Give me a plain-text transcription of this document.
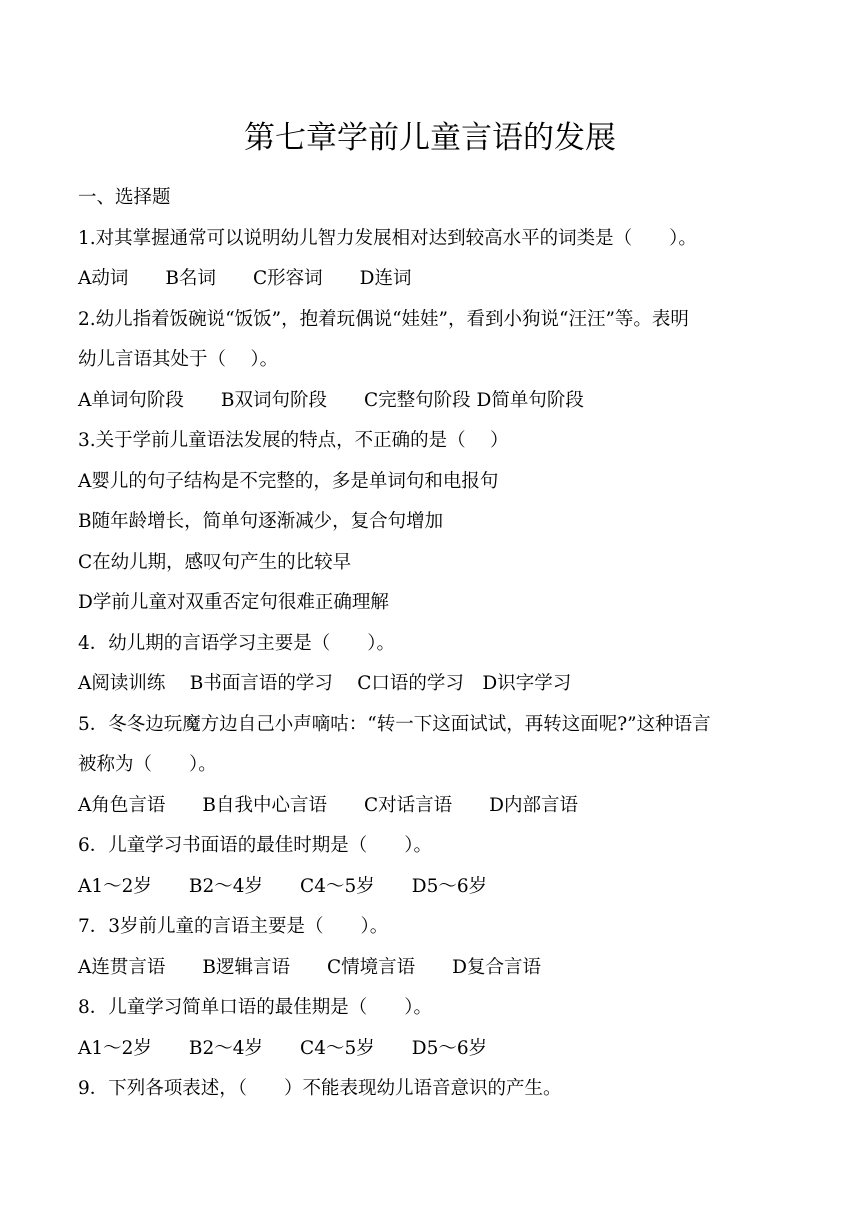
第七章学前儿童言语的发展
一、选择题
1.对其掌握通常可以说明幼儿智力发展相对达到较高水平的词类是（　　）。
A动词　　B名词　　C形容词　　D连词
2.幼儿指着饭碗说“饭饭”，抱着玩偶说“娃娃”，看到小狗说“汪汪”等。表明
幼儿言语其处于（　 ）。
A单词句阶段　　B双词句阶段　　C完整句阶段 D简单句阶段
3.关于学前儿童语法发展的特点，不正确的是（　 ）
A婴儿的句子结构是不完整的，多是单词句和电报句
B随年龄增长，简单句逐渐减少，复合句增加
C在幼儿期，感叹句产生的比较早
D学前儿童对双重否定句很难正确理解
4．幼儿期的言语学习主要是（　　）。
A阅读训练　 B书面言语的学习　 C口语的学习　D识字学习
5．冬冬边玩魔方边自己小声嘀咕：“转一下这面试试，再转这面呢?”这种语言
被称为（　　）。
A角色言语　　B自我中心言语　　C对话言语　　D内部言语
6．儿童学习书面语的最佳时期是（　　）。
A1～2岁　　B2～4岁　　C4～5岁　　D5～6岁
7．3岁前儿童的言语主要是（　　）。
A连贯言语　　B逻辑言语　　C情境言语　　D复合言语
8．儿童学习简单口语的最佳期是（　　）。
A1～2岁　　B2～4岁　　C4～5岁　　D5～6岁
9．下列各项表述，（　　）不能表现幼儿语音意识的产生。
